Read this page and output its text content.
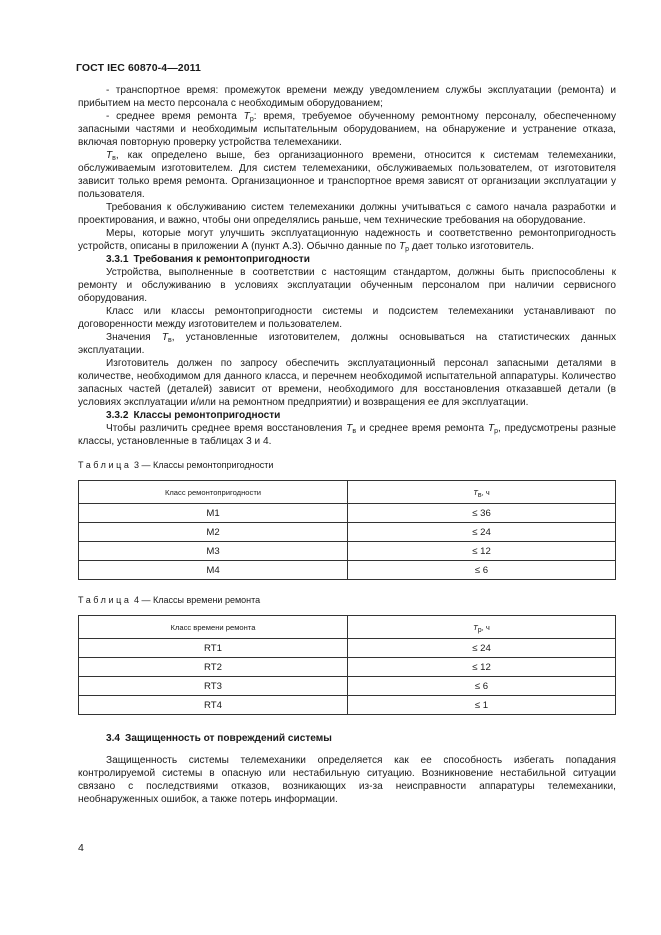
ГОСТ IEC 60870-4—2011

- транспортное время: промежуток времени между уведомлением службы эксплуатации (ремонта) и прибытием на место персонала с необходимым оборудованием;

- среднее время ремонта $T_р$: время, требуемое обученному ремонтному персоналу, обеспеченному запасными частями и необходимым испытательным оборудованием, на обнаружение и устранение отказа, включая повторную проверку устройства телемеханики.

$T_в$, как определено выше, без организационного времени, относится к системам телемеханики, обслуживаемым изготовителем. Для систем телемеханики, обслуживаемых пользователем, от изготовителя зависит только время ремонта. Организационное и транспортное время зависят от организации эксплуатации у пользователя.

Требования к обслуживанию систем телемеханики должны учитываться с самого начала разработки и проектирования, и важно, чтобы они определялись раньше, чем технические требования на оборудование.

Меры, которые могут улучшить эксплуатационную надежность и соответственно ремонтопригодность устройств, описаны в приложении А (пункт А.3). Обычно данные по $T_р$ дает только изготовитель.

3.3.1 Требования к ремонтопригодности

Устройства, выполненные в соответствии с настоящим стандартом, должны быть приспособлены к ремонту и обслуживанию в условиях эксплуатации обученным персоналом при наличии сервисного оборудования.

Класс или классы ремонтопригодности системы и подсистем телемеханики устанавливают по договоренности между изготовителем и пользователем.

Значения $T_в$, установленные изготовителем, должны основываться на статистических данных эксплуатации.

Изготовитель должен по запросу обеспечить эксплуатационный персонал запасными деталями в количестве, необходимом для данного класса, и перечнем необходимой испытательной аппаратуры. Количество запасных частей (деталей) зависит от времени, необходимого для восстановления отказавшей детали (в условиях эксплуатации и/или на ремонтном предприятии) и возвращения ее для эксплуатации.

3.3.2 Классы ремонтопригодности

Чтобы различить среднее время восстановления $T_в$ и среднее время ремонта $T_р$, предусмотрены разные классы, установленные в таблицах 3 и 4.

Таблица 3 — Классы ремонтопригодности
Класс ремонтопригодности	$T_в$, ч
M1	≤ 36
M2	≤ 24
M3	≤ 12
M4	≤ 6
Таблица 4 — Классы времени ремонта
Класс времени ремонта	$T_р$, ч
RT1	≤ 24
RT2	≤ 12
RT3	≤ 6
RT4	≤ 1

3.4 Защищенность от повреждений системы

Защищенность системы телемеханики определяется как ее способность избегать попадания контролируемой системы в опасную или нестабильную ситуацию. Возникновение нестабильной ситуации связано с последствиями отказов, возникающих из-за неисправности аппаратуры телемеханики, необнаруженных ошибок, а также потерь информации.

4
